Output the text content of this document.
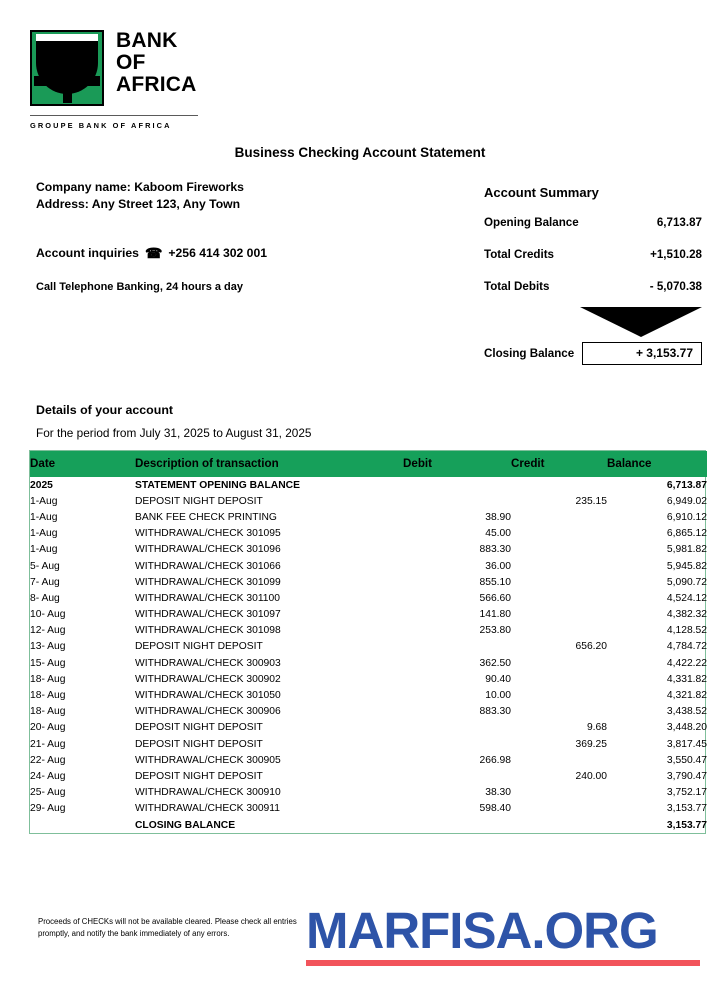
BANK
OF
AFRICA
GROUPE BANK OF AFRICA
Business Checking Account Statement
Company name: Kaboom Fireworks
Address: Any Street 123, Any Town
Account inquiries ☎ +256 414 302 001
Call Telephone Banking, 24 hours a day
Account Summary
Opening Balance	6,713.87
Total Credits	+1,510.28
Total Debits	- 5,070.38
Closing Balance	+ 3,153.77
Details of your account
For the period from July 31, 2025 to August 31, 2025
Date	Description of transaction	Debit	Credit	Balance
2025	STATEMENT OPENING BALANCE			6,713.87
1-Aug	DEPOSIT NIGHT DEPOSIT		235.15	6,949.02
1-Aug	BANK FEE CHECK PRINTING	38.90		6,910.12
1-Aug	WITHDRAWAL/CHECK 301095	45.00		6,865.12
1-Aug	WITHDRAWAL/CHECK 301096	883.30		5,981.82
5- Aug	WITHDRAWAL/CHECK 301066	36.00		5,945.82
7- Aug	WITHDRAWAL/CHECK 301099	855.10		5,090.72
8- Aug	WITHDRAWAL/CHECK 301100	566.60		4,524.12
10- Aug	WITHDRAWAL/CHECK 301097	141.80		4,382.32
12- Aug	WITHDRAWAL/CHECK 301098	253.80		4,128.52
13- Aug	DEPOSIT NIGHT DEPOSIT		656.20	4,784.72
15- Aug	WITHDRAWAL/CHECK 300903	362.50		4,422.22
18- Aug	WITHDRAWAL/CHECK 300902	90.40		4,331.82
18- Aug	WITHDRAWAL/CHECK 301050	10.00		4,321.82
18- Aug	WITHDRAWAL/CHECK 300906	883.30		3,438.52
20- Aug	DEPOSIT NIGHT DEPOSIT		9.68	3,448.20
21- Aug	DEPOSIT NIGHT DEPOSIT		369.25	3,817.45
22- Aug	WITHDRAWAL/CHECK 300905	266.98		3,550.47
24- Aug	DEPOSIT NIGHT DEPOSIT		240.00	3,790.47
25- Aug	WITHDRAWAL/CHECK 300910	38.30		3,752.17
29- Aug	WITHDRAWAL/CHECK 300911	598.40		3,153.77
	CLOSING BALANCE			3,153.77
Proceeds of CHECKs will not be available cleared. Please check all entries promptly, and notify the bank immediately of any errors.	MARFISA.ORG
